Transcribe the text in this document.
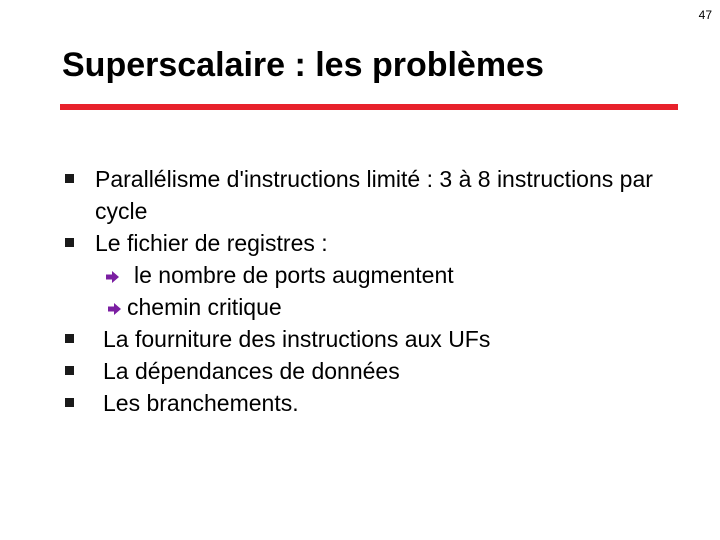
47
Superscalaire : les problèmes
Parallélisme d'instructions limité : 3 à 8 instructions par cycle
Le fichier de registres :
le nombre de ports augmentent
chemin critique
La fourniture des instructions aux UFs
La dépendances de données
Les branchements.
